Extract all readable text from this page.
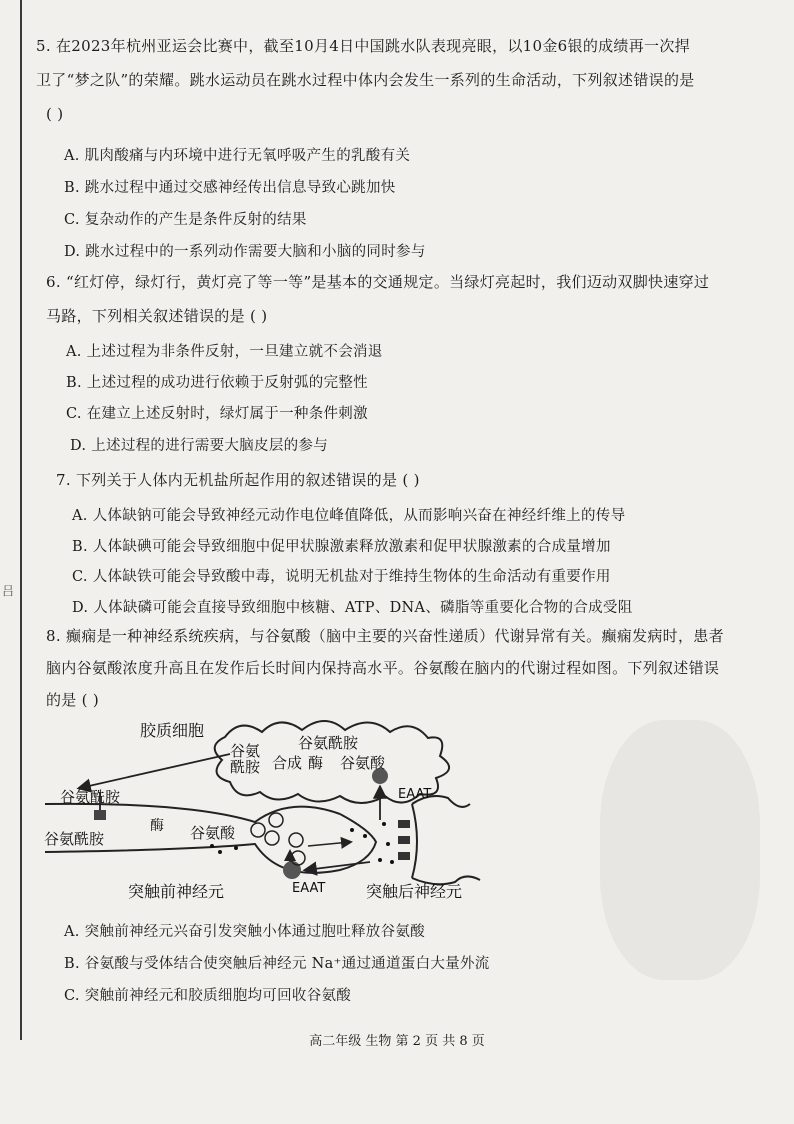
吕
5. 在2023年杭州亚运会比赛中，截至10月4日中国跳水队表现亮眼，以10金6银的成绩再一次捍
卫了“梦之队”的荣耀。跳水运动员在跳水过程中体内会发生一系列的生命活动，下列叙述错误的是
( )
A. 肌肉酸痛与内环境中进行无氧呼吸产生的乳酸有关
B. 跳水过程中通过交感神经传出信息导致心跳加快
C. 复杂动作的产生是条件反射的结果
D. 跳水过程中的一系列动作需要大脑和小脑的同时参与
6. “红灯停，绿灯行，黄灯亮了等一等”是基本的交通规定。当绿灯亮起时，我们迈动双脚快速穿过
马路，下列相关叙述错误的是 ( )
A. 上述过程为非条件反射，一旦建立就不会消退
B. 上述过程的成功进行依赖于反射弧的完整性
C. 在建立上述反射时，绿灯属于一种条件刺激
D. 上述过程的进行需要大脑皮层的参与
7. 下列关于人体内无机盐所起作用的叙述错误的是 ( )
A. 人体缺钠可能会导致神经元动作电位峰值降低，从而影响兴奋在神经纤维上的传导
B. 人体缺碘可能会导致细胞中促甲状腺激素释放激素和促甲状腺激素的合成量增加
C. 人体缺铁可能会导致酸中毒，说明无机盐对于维持生物体的生命活动有重要作用
D. 人体缺磷可能会直接导致细胞中核糖、ATP、DNA、磷脂等重要化合物的合成受阻
8. 癫痫是一种神经系统疾病，与谷氨酸（脑中主要的兴奋性递质）代谢异常有关。癫痫发病时，患者
脑内谷氨酸浓度升高且在发作后长时间内保持高水平。谷氨酸在脑内的代谢过程如图。下列叙述错误
的是 ( )
胶质细胞
谷氨酰胺
谷氨
酰胺 合成 酶 谷氨酸
EAAT
谷氨酰胺
谷氨酰胺
酶 谷氨酸
EAAT
突触前神经元	突触后神经元
A. 突触前神经元兴奋引发突触小体通过胞吐释放谷氨酸
B. 谷氨酸与受体结合使突触后神经元 Na⁺通过通道蛋白大量外流
C. 突触前神经元和胶质细胞均可回收谷氨酸
高二年级 生物 第 2 页 共 8 页
